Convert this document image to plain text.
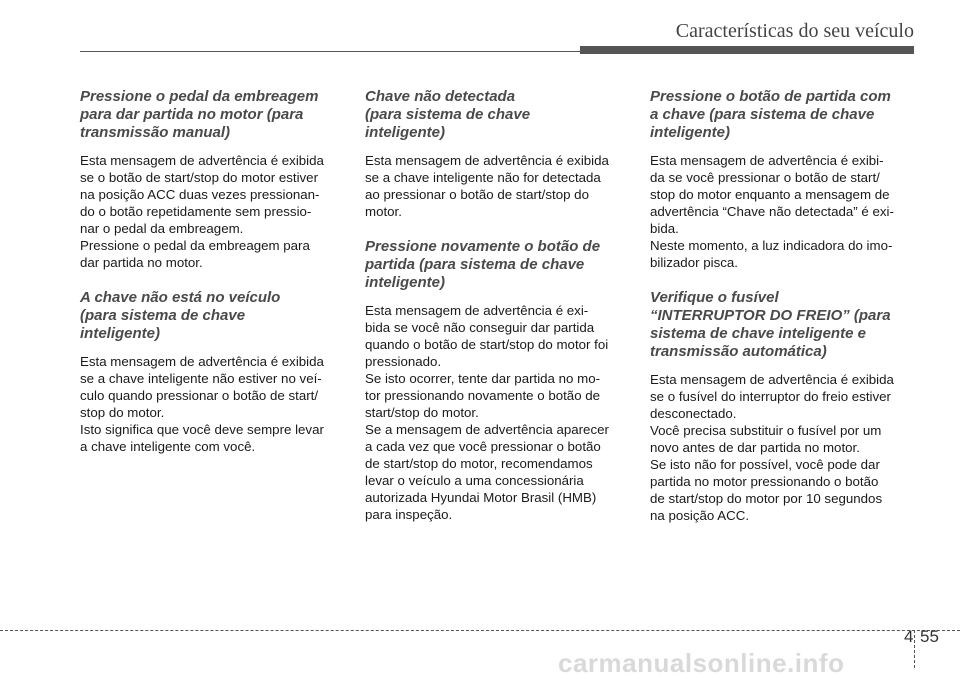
Características do seu veículo
Pressione o pedal da embreagem
para dar partida no motor (para
transmissão manual)

Esta mensagem de advertência é exibida
se o botão de start/stop do motor estiver
na posição ACC duas vezes pressionan-
do o botão repetidamente sem pressio-
nar o pedal da embreagem.

Pressione o pedal da embreagem para
dar partida no motor.

A chave não está no veículo
(para sistema de chave
inteligente)

Esta mensagem de advertência é exibida
se a chave inteligente não estiver no veí-
culo quando pressionar o botão de start/
stop do motor.

Isto significa que você deve sempre levar
a chave inteligente com você.

Chave não detectada
(para sistema de chave
inteligente)

Esta mensagem de advertência é exibida
se a chave inteligente não for detectada
ao pressionar o botão de start/stop do
motor.

Pressione novamente o botão de
partida (para sistema de chave
inteligente)

Esta mensagem de advertência é exi-
bida se você não conseguir dar partida
quando o botão de start/stop do motor foi
pressionado.

Se isto ocorrer, tente dar partida no mo-
tor pressionando novamente o botão de
start/stop do motor.

Se a mensagem de advertência aparecer
a cada vez que você pressionar o botão
de start/stop do motor, recomendamos
levar o veículo a uma concessionária
autorizada Hyundai Motor Brasil (HMB)
para inspeção.

Pressione o botão de partida com
a chave (para sistema de chave
inteligente)

Esta mensagem de advertência é exibi-
da se você pressionar o botão de start/
stop do motor enquanto a mensagem de
advertência “Chave não detectada” é exi-
bida.

Neste momento, a luz indicadora do imo-
bilizador pisca.

Verifique o fusível
“INTERRUPTOR DO FREIO” (para
sistema de chave inteligente e
transmissão automática)

Esta mensagem de advertência é exibida
se o fusível do interruptor do freio estiver
desconectado.

Você precisa substituir o fusível por um
novo antes de dar partida no motor.

Se isto não for possível, você pode dar
partida no motor pressionando o botão
de start/stop do motor por 10 segundos
na posição ACC.

4 55
carmanualsonline.info
